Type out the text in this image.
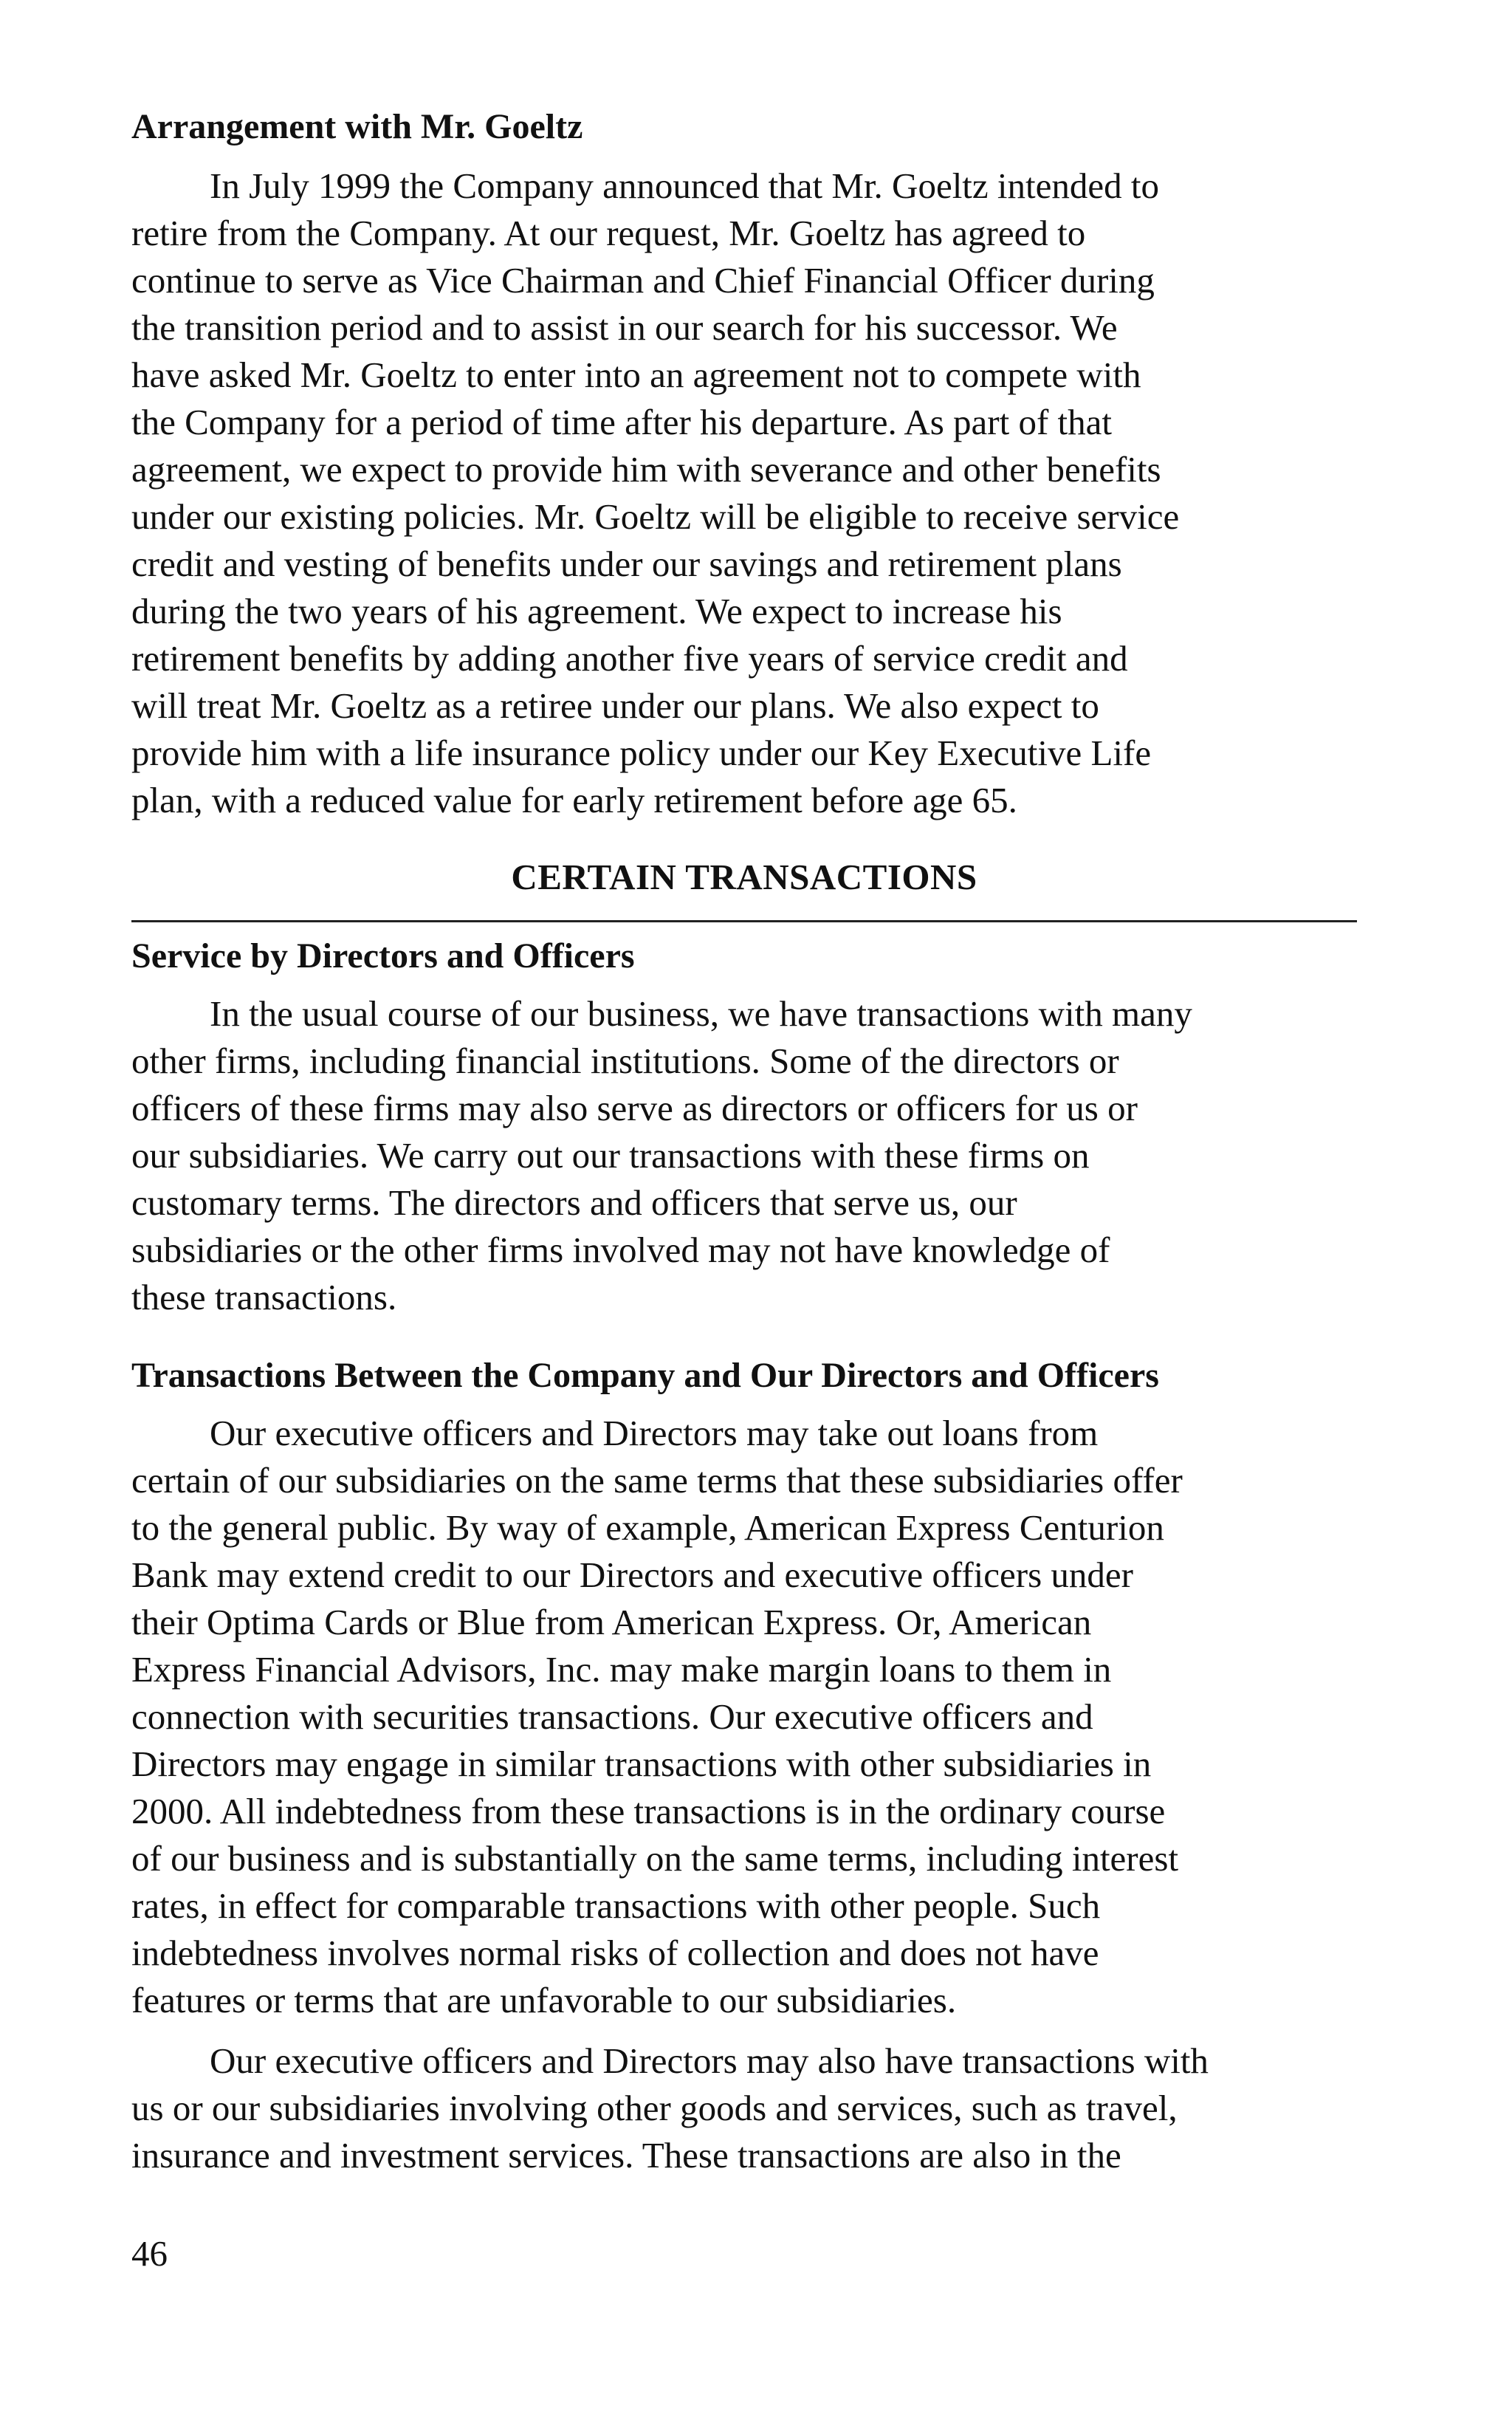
Arrangement with Mr. Goeltz

In July 1999 the Company announced that Mr. Goeltz intended to
retire from the Company. At our request, Mr. Goeltz has agreed to
continue to serve as Vice Chairman and Chief Financial Officer during
the transition period and to assist in our search for his successor. We
have asked Mr. Goeltz to enter into an agreement not to compete with
the Company for a period of time after his departure. As part of that
agreement, we expect to provide him with severance and other benefits
under our existing policies. Mr. Goeltz will be eligible to receive service
credit and vesting of benefits under our savings and retirement plans
during the two years of his agreement. We expect to increase his
retirement benefits by adding another five years of service credit and
will treat Mr. Goeltz as a retiree under our plans. We also expect to
provide him with a life insurance policy under our Key Executive Life
plan, with a reduced value for early retirement before age 65.

CERTAIN TRANSACTIONS
Service by Directors and Officers

In the usual course of our business, we have transactions with many
other firms, including financial institutions. Some of the directors or
officers of these firms may also serve as directors or officers for us or
our subsidiaries. We carry out our transactions with these firms on
customary terms. The directors and officers that serve us, our
subsidiaries or the other firms involved may not have knowledge of
these transactions.

Transactions Between the Company and Our Directors and Officers

Our executive officers and Directors may take out loans from
certain of our subsidiaries on the same terms that these subsidiaries offer
to the general public. By way of example, American Express Centurion
Bank may extend credit to our Directors and executive officers under
their Optima Cards or Blue from American Express. Or, American
Express Financial Advisors, Inc. may make margin loans to them in
connection with securities transactions. Our executive officers and
Directors may engage in similar transactions with other subsidiaries in
2000. All indebtedness from these transactions is in the ordinary course
of our business and is substantially on the same terms, including interest
rates, in effect for comparable transactions with other people. Such
indebtedness involves normal risks of collection and does not have
features or terms that are unfavorable to our subsidiaries.

Our executive officers and Directors may also have transactions with
us or our subsidiaries involving other goods and services, such as travel,
insurance and investment services. These transactions are also in the

46
